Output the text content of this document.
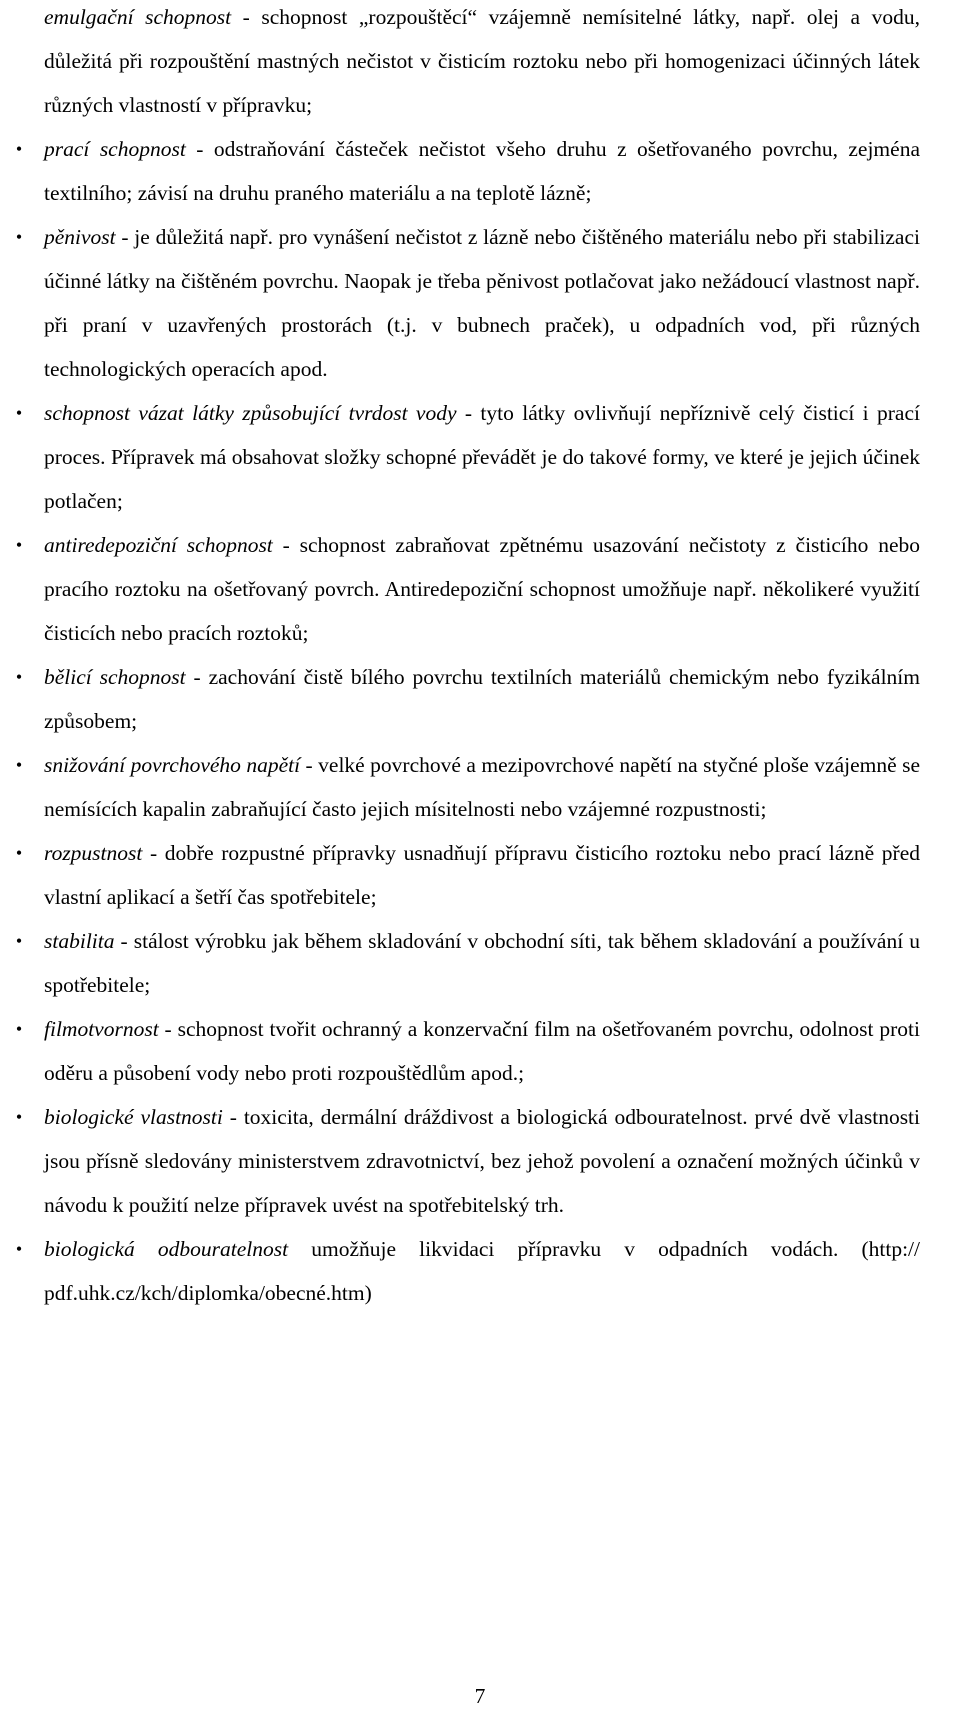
emulgační schopnost - schopnost „rozpouštěcí“ vzájemně nemísitelné látky, např. olej a vodu, důležitá při rozpouštění mastných nečistot v čisticím roztoku nebo při homogenizaci účinných látek různých vlastností v přípravku;
•	prací schopnost - odstraňování částeček nečistot všeho druhu z ošetřovaného povrchu, zejména textilního; závisí na druhu praného materiálu a na teplotě lázně;
•	pěnivost - je důležitá např. pro vynášení nečistot z lázně nebo čištěného materiálu nebo při stabilizaci účinné látky na čištěném povrchu. Naopak je třeba pěnivost potlačovat jako nežádoucí vlastnost např. při praní v uzavřených prostorách (t.j. v bubnech praček), u odpadních vod, při různých technologických operacích apod.
•	schopnost vázat látky způsobující tvrdost vody - tyto látky ovlivňují nepříznivě celý čisticí i prací proces. Přípravek má obsahovat složky schopné převádět je do takové formy, ve které je jejich účinek potlačen;
•	antiredepoziční schopnost - schopnost zabraňovat zpětnému usazování nečistoty z čisticího nebo pracího roztoku na ošetřovaný povrch. Antiredepoziční schopnost umožňuje např. několikeré využití čisticích nebo pracích roztoků;
•	bělicí schopnost - zachování čistě bílého povrchu textilních materiálů chemickým nebo fyzikálním způsobem;
•	snižování povrchového napětí - velké povrchové a mezipovrchové napětí na styčné ploše vzájemně se nemísících kapalin zabraňující často jejich mísitelnosti nebo vzájemné rozpustnosti;
•	rozpustnost - dobře rozpustné přípravky usnadňují přípravu čisticího roztoku nebo prací lázně před vlastní aplikací a šetří čas spotřebitele;
•	stabilita - stálost výrobku jak během skladování v obchodní síti, tak během skladování a používání u spotřebitele;
•	filmotvornost - schopnost tvořit ochranný a konzervační film na ošetřovaném povrchu, odolnost proti oděru a působení vody nebo proti rozpouštědlům apod.;
•	biologické vlastnosti - toxicita, dermální dráždivost a biologická odbouratelnost. prvé dvě vlastnosti jsou přísně sledovány ministerstvem zdravotnictví, bez jehož povolení a označení možných účinků v návodu k použití nelze přípravek uvést na spotřebitelský trh.
•	biologická odbouratelnost umožňuje likvidaci přípravku v odpadních vodách. (http:// pdf.uhk.cz/kch/diplomka/obecné.htm)
7
